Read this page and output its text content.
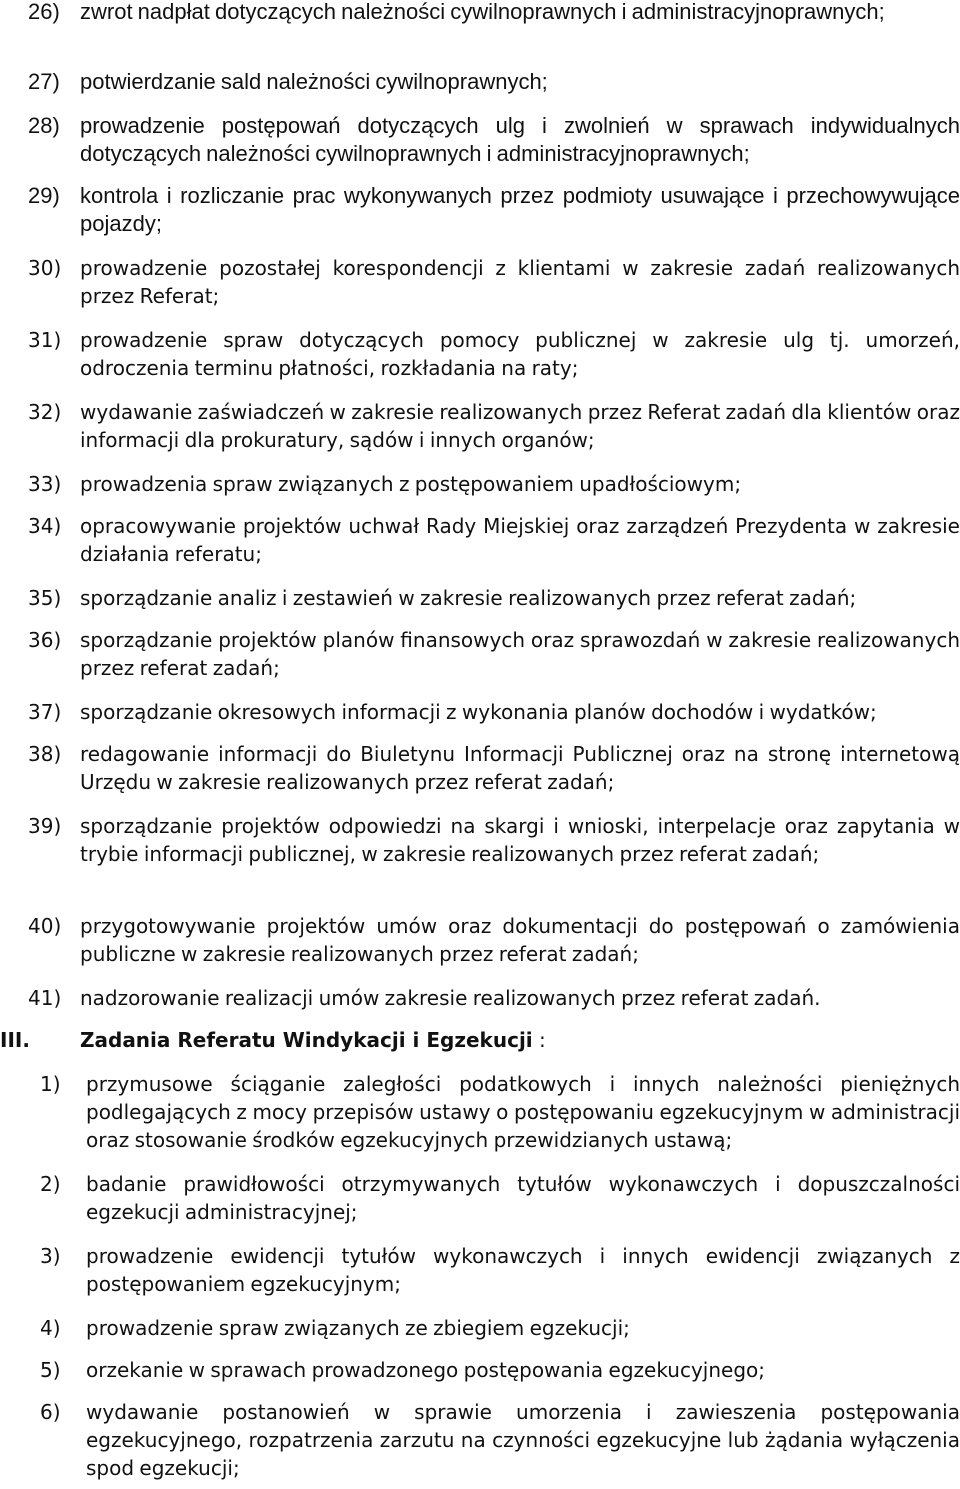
26) zwrot nadpłat dotyczących należności cywilnoprawnych i administracyjnoprawnych;

27) potwierdzanie sald należności cywilnoprawnych;

28) prowadzenie postępowań dotyczących ulg i zwolnień w sprawach indywidualnych dotyczących należności cywilnoprawnych i administracyjnoprawnych;

29) kontrola i rozliczanie prac wykonywanych przez podmioty usuwające i przechowywujące pojazdy;

30) prowadzenie pozostałej korespondencji z klientami w zakresie zadań realizowanych przez Referat;

31) prowadzenie spraw dotyczących pomocy publicznej w zakresie ulg tj. umorzeń, odroczenia terminu płatności, rozkładania na raty;

32) wydawanie zaświadczeń w zakresie realizowanych przez Referat zadań dla klientów oraz informacji dla prokuratury, sądów i innych organów;

33) prowadzenia spraw związanych z postępowaniem upadłościowym;

34) opracowywanie projektów uchwał Rady Miejskiej oraz zarządzeń Prezydenta w zakresie działania referatu;

35) sporządzanie analiz i zestawień w zakresie realizowanych przez referat zadań;

36) sporządzanie projektów planów finansowych oraz sprawozdań w zakresie realizowanych przez referat zadań;

37) sporządzanie okresowych informacji z wykonania planów dochodów i wydatków;

38) redagowanie informacji do Biuletynu Informacji Publicznej oraz na stronę internetową Urzędu w zakresie realizowanych przez referat zadań;

39) sporządzanie projektów odpowiedzi na skargi i wnioski, interpelacje oraz zapytania w trybie informacji publicznej, w zakresie realizowanych przez referat zadań;

40) przygotowywanie projektów umów oraz dokumentacji do postępowań o zamówienia publiczne w zakresie realizowanych przez referat zadań;

41) nadzorowanie realizacji umów zakresie realizowanych przez referat zadań.

III.	Zadania Referatu Windykacji i Egzekucji :
1) przymusowe ściąganie zaległości podatkowych i innych należności pieniężnych podlegających z mocy przepisów ustawy o postępowaniu egzekucyjnym w administracji oraz stosowanie środków egzekucyjnych przewidzianych ustawą;

2) badanie prawidłowości otrzymywanych tytułów wykonawczych i dopuszczalności egzekucji administracyjnej;

3) prowadzenie ewidencji tytułów wykonawczych i innych ewidencji związanych z postępowaniem egzekucyjnym;

4) prowadzenie spraw związanych ze zbiegiem egzekucji;

5) orzekanie w sprawach prowadzonego postępowania egzekucyjnego;

6) wydawanie postanowień w sprawie umorzenia i zawieszenia postępowania egzekucyjnego, rozpatrzenia zarzutu na czynności egzekucyjne lub żądania wyłączenia spod egzekucji;
